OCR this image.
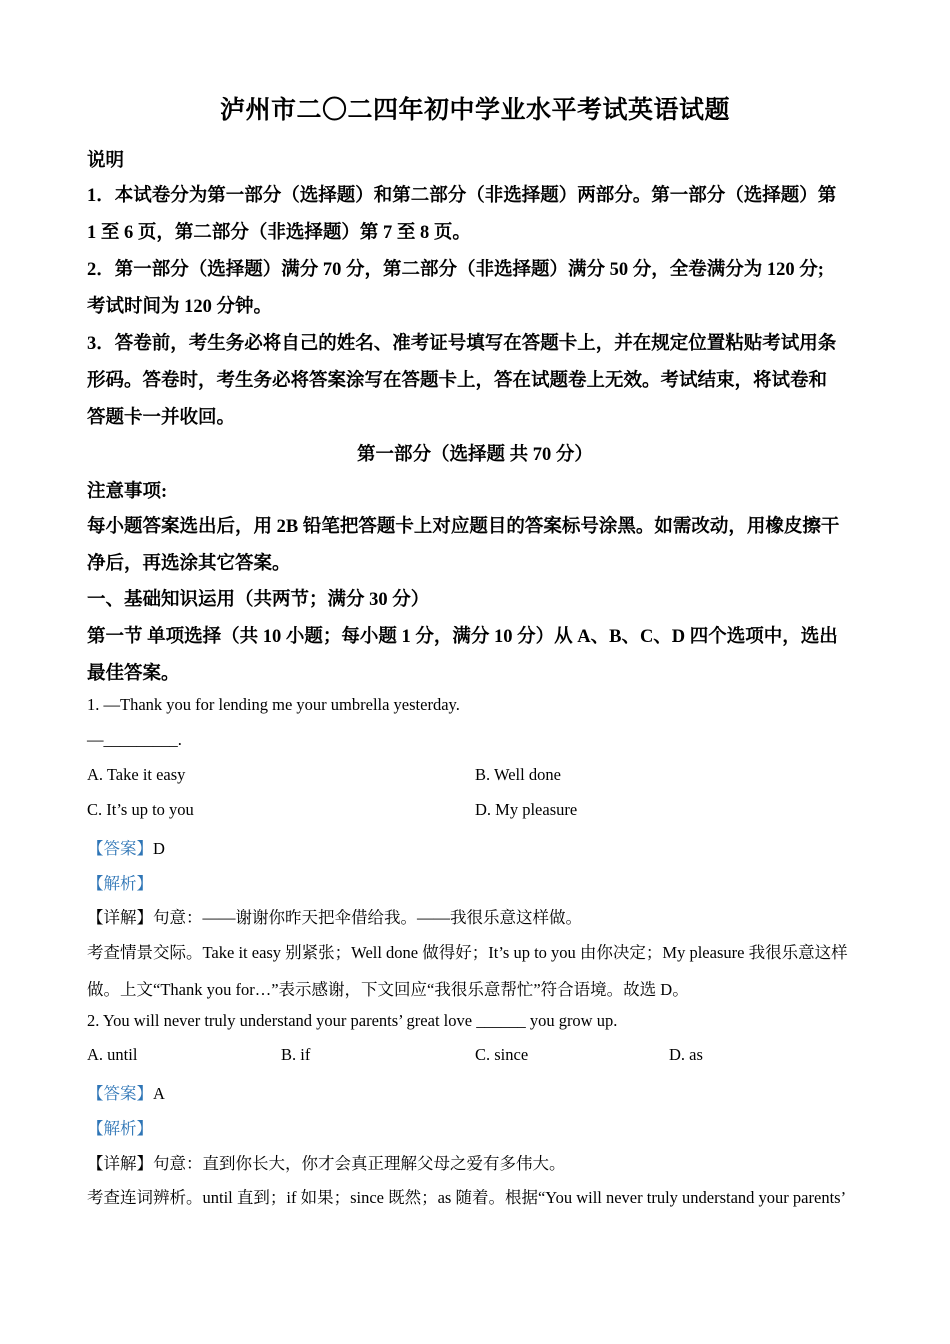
泸州市二〇二四年初中学业水平考试英语试题
说明
1．本试卷分为第一部分（选择题）和第二部分（非选择题）两部分。第一部分（选择题）第
1 至 6 页，第二部分（非选择题）第 7 至 8 页。
2．第一部分（选择题）满分 70 分，第二部分（非选择题）满分 50 分，全卷满分为 120 分;
考试时间为 120 分钟。
3．答卷前，考生务必将自己的姓名、准考证号填写在答题卡上，并在规定位置粘贴考试用条
形码。答卷时，考生务必将答案涂写在答题卡上，答在试题卷上无效。考试结束，将试卷和
答题卡一并收回。
第一部分（选择题 共 70 分）
注意事项:
每小题答案选出后，用 2B 铅笔把答题卡上对应题目的答案标号涂黑。如需改动，用橡皮擦干
净后，再选涂其它答案。
一、基础知识运用（共两节；满分 30 分）
第一节 单项选择（共 10 小题；每小题 1 分，满分 10 分）从 A、B、C、D 四个选项中，选出
最佳答案。
1. —Thank you for lending me your umbrella yesterday.
—_________.
A. Take it easy	B. Well done
C. It’s up to you	D. My pleasure
【答案】D
【解析】
【详解】句意：——谢谢你昨天把伞借给我。——我很乐意这样做。
考查情景交际。Take it easy 别紧张；Well done 做得好；It’s up to you 由你决定；My pleasure 我很乐意这样
做。上文“Thank you for…”表示感谢，下文回应“我很乐意帮忙”符合语境。故选 D。
2. You will never truly understand your parents’ great love ______ you grow up.
A. until	B. if	C. since	D. as
【答案】A
【解析】
【详解】句意：直到你长大，你才会真正理解父母之爱有多伟大。
考查连词辨析。until 直到；if 如果；since 既然；as 随着。根据“You will never truly understand your parents’
